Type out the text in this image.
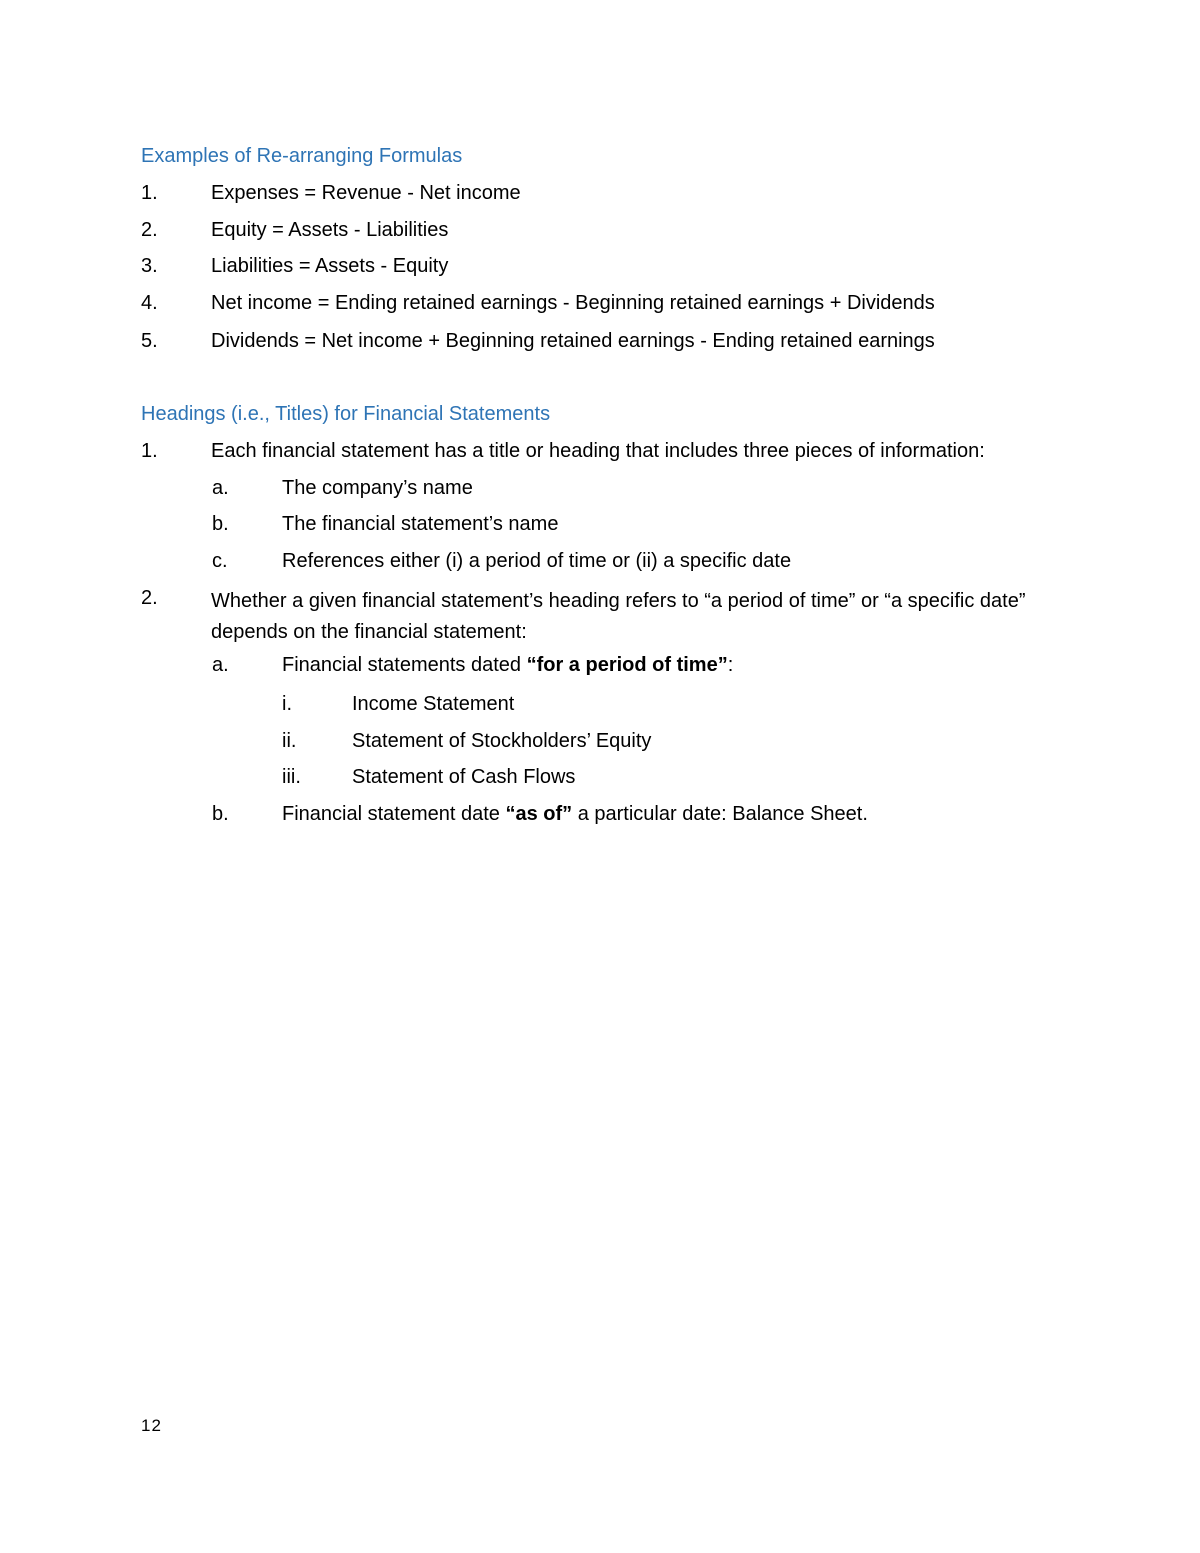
Examples of Re-arranging Formulas
1.	Expenses = Revenue - Net income
2.	Equity = Assets - Liabilities
3.	Liabilities = Assets - Equity
4.	Net income = Ending retained earnings - Beginning retained earnings + Dividends
5.	Dividends = Net income + Beginning retained earnings - Ending retained earnings
Headings (i.e., Titles) for Financial Statements
1.	Each financial statement has a title or heading that includes three pieces of information:
a.	The company’s name
b.	The financial statement’s name
c.	References either (i) a period of time or (ii) a specific date
2.	Whether a given financial statement’s heading refers to “a period of time” or “a specific date” depends on the financial statement:
a.	Financial statements dated “for a period of time”:
i.	Income Statement
ii.	Statement of Stockholders’ Equity
iii.	Statement of Cash Flows
b.	Financial statement date “as of” a particular date: Balance Sheet.
12
